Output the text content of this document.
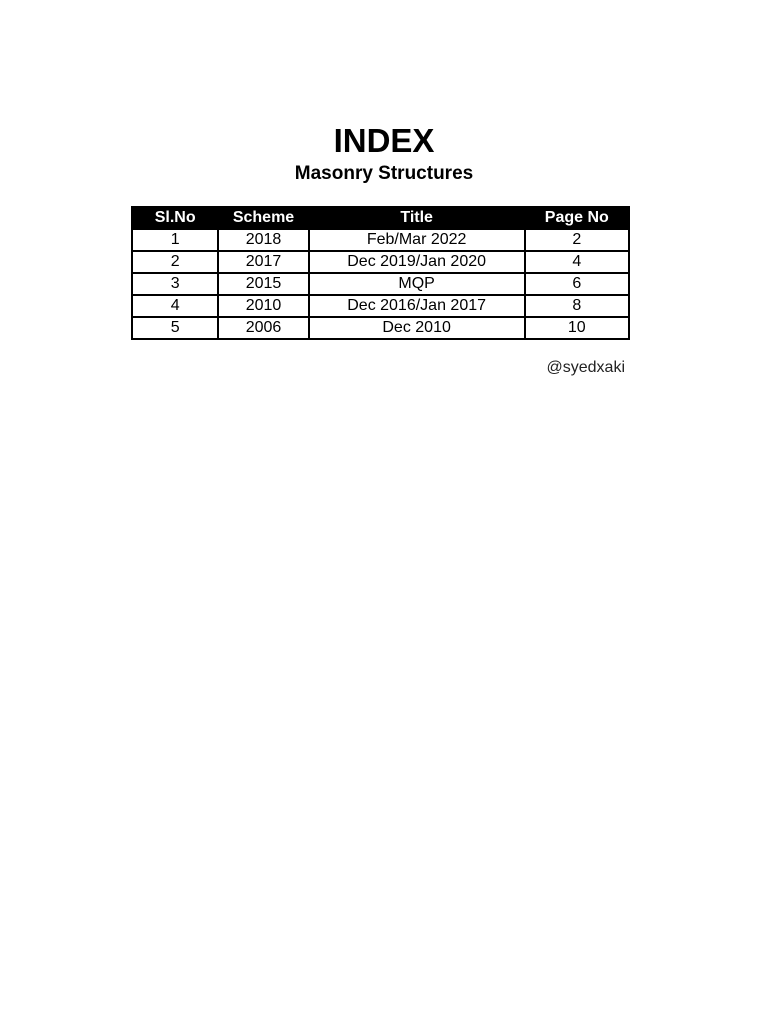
INDEX
Masonry Structures
Sl.No	Scheme	Title	Page No
1	2018	Feb/Mar 2022	2
2	2017	Dec 2019/Jan 2020	4
3	2015	MQP	6
4	2010	Dec 2016/Jan 2017	8
5	2006	Dec 2010	10
@syedxaki
